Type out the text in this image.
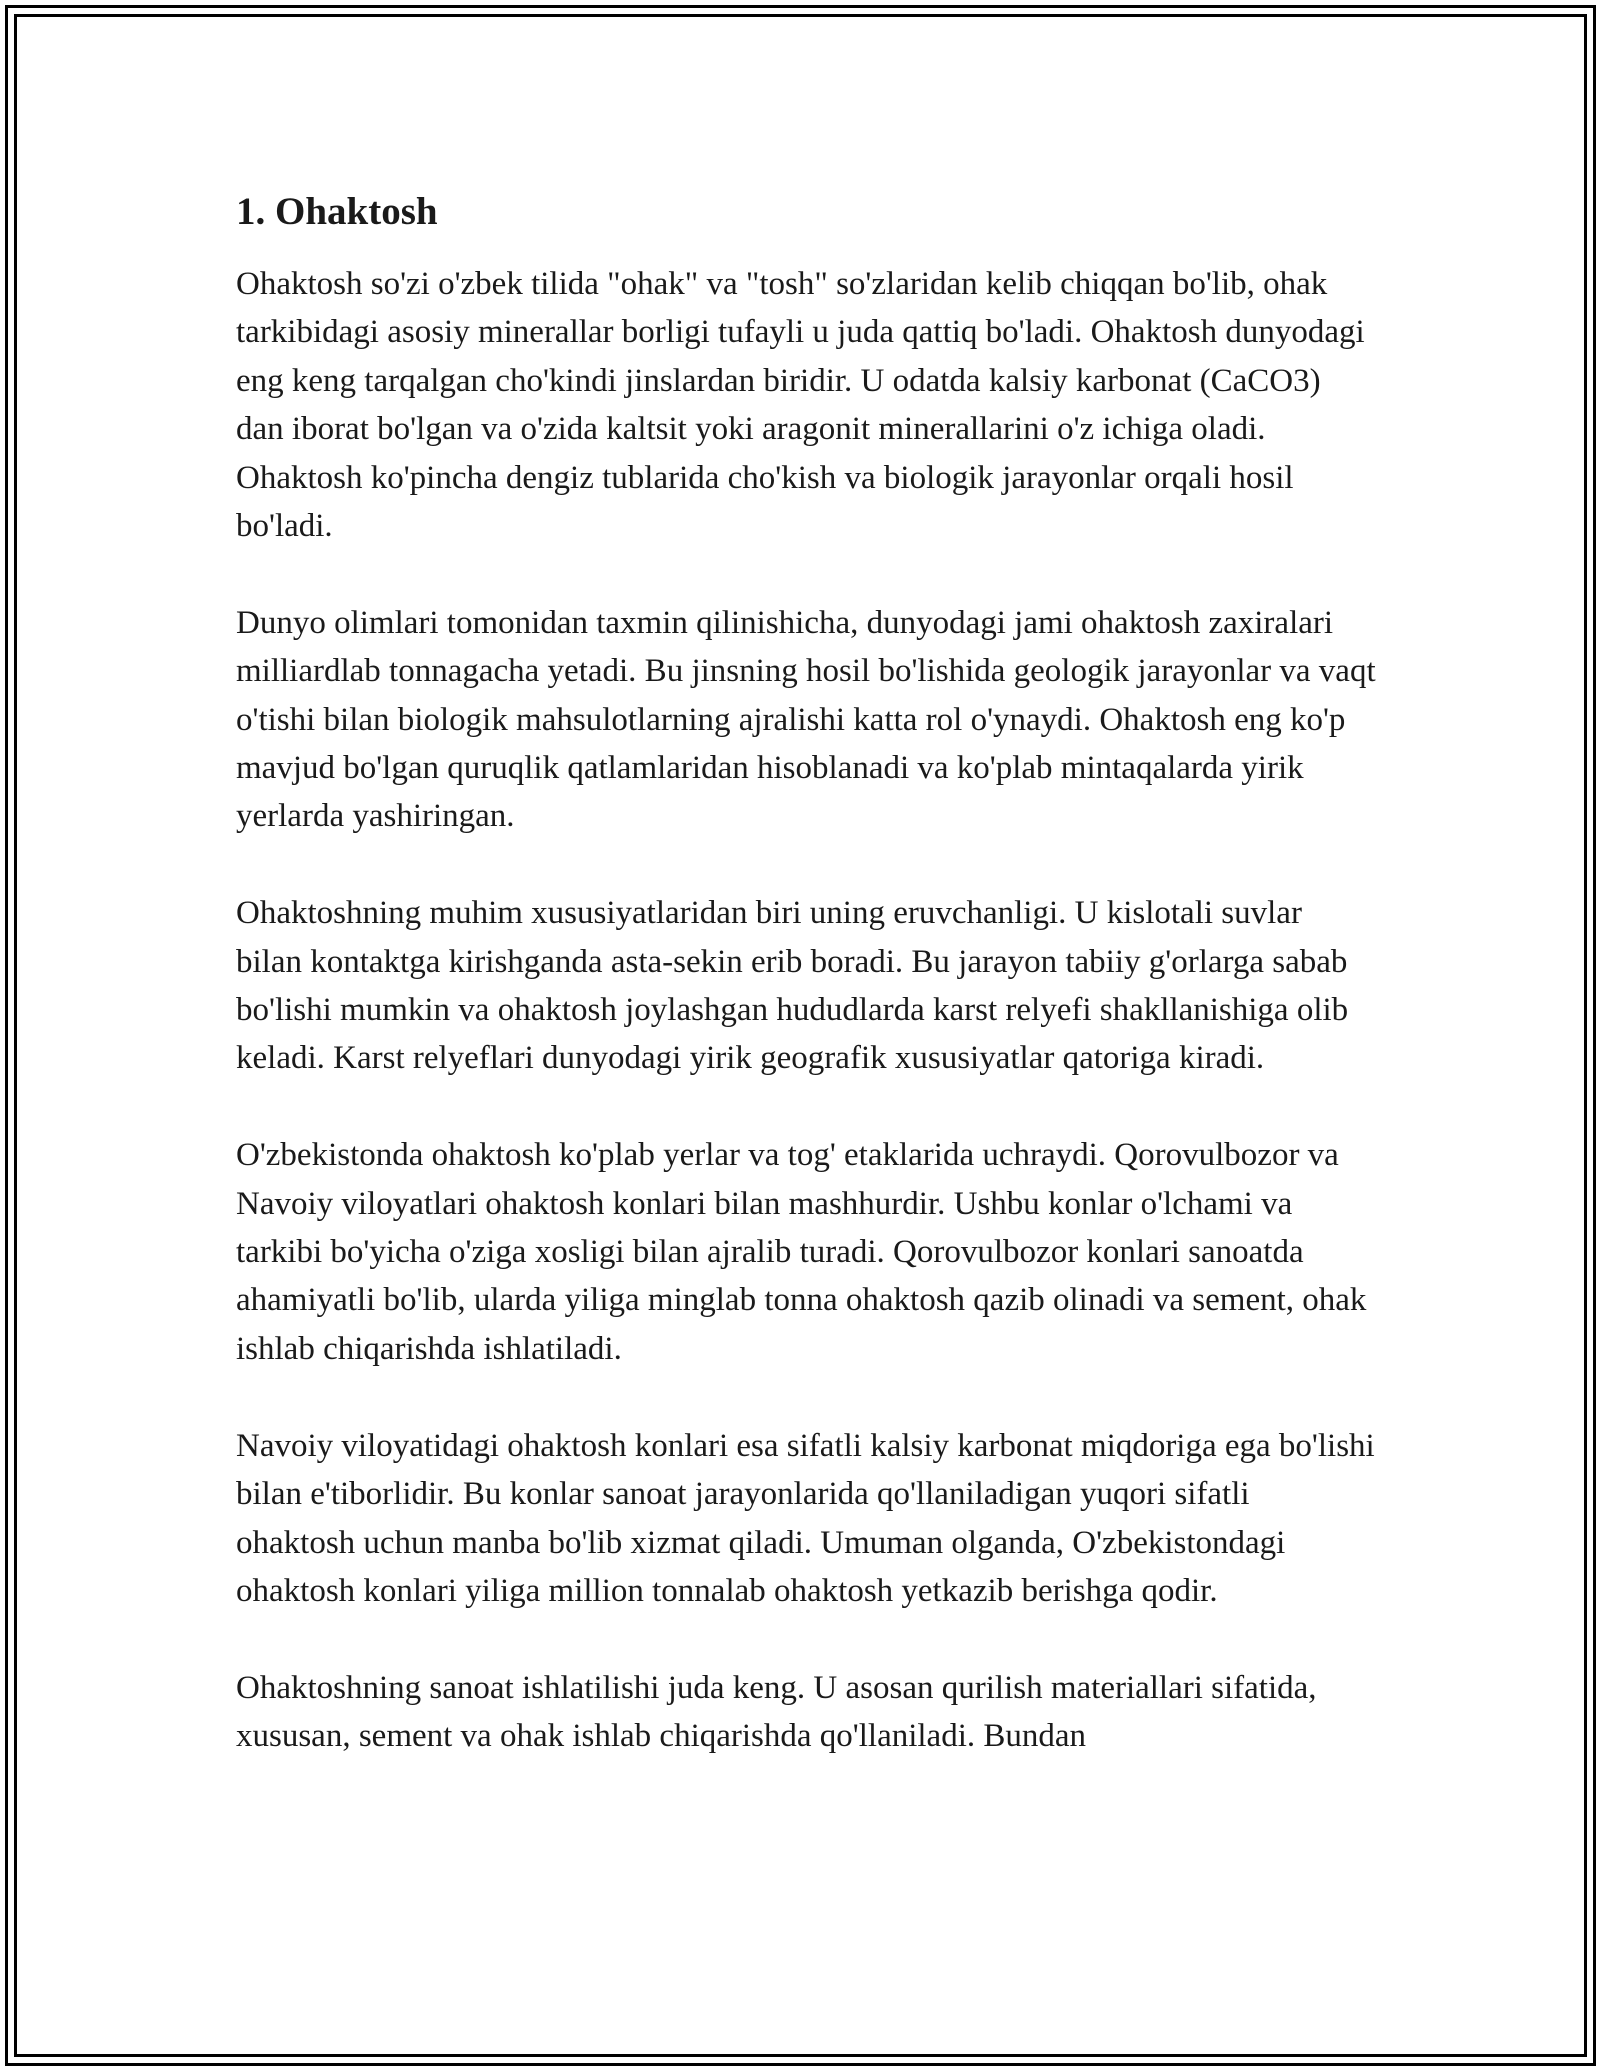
1. Ohaktosh

Ohaktosh so'zi o'zbek tilida "ohak" va "tosh" so'zlaridan kelib chiqqan bo'lib, ohak tarkibidagi asosiy minerallar borligi tufayli u juda qattiq bo'ladi. Ohaktosh dunyodagi eng keng tarqalgan cho'kindi jinslardan biridir. U odatda kalsiy karbonat (CaCO3) dan iborat bo'lgan va o'zida kaltsit yoki aragonit minerallarini o'z ichiga oladi. Ohaktosh ko'pincha dengiz tublarida cho'kish va biologik jarayonlar orqali hosil bo'ladi.

Dunyo olimlari tomonidan taxmin qilinishicha, dunyodagi jami ohaktosh zaxiralari milliardlab tonnagacha yetadi. Bu jinsning hosil bo'lishida geologik jarayonlar va vaqt o'tishi bilan biologik mahsulotlarning ajralishi katta rol o'ynaydi. Ohaktosh eng ko'p mavjud bo'lgan quruqlik qatlamlaridan hisoblanadi va ko'plab mintaqalarda yirik yerlarda yashiringan.

Ohaktoshning muhim xususiyatlaridan biri uning eruvchanligi. U kislotali suvlar bilan kontaktga kirishganda asta-sekin erib boradi. Bu jarayon tabiiy g'orlarga sabab bo'lishi mumkin va ohaktosh joylashgan hududlarda karst relyefi shakllanishiga olib keladi. Karst relyeflari dunyodagi yirik geografik xususiyatlar qatoriga kiradi.

O'zbekistonda ohaktosh ko'plab yerlar va tog' etaklarida uchraydi. Qorovulbozor va Navoiy viloyatlari ohaktosh konlari bilan mashhurdir. Ushbu konlar o'lchami va tarkibi bo'yicha o'ziga xosligi bilan ajralib turadi. Qorovulbozor konlari sanoatda ahamiyatli bo'lib, ularda yiliga minglab tonna ohaktosh qazib olinadi va sement, ohak ishlab chiqarishda ishlatiladi.

Navoiy viloyatidagi ohaktosh konlari esa sifatli kalsiy karbonat miqdoriga ega bo'lishi bilan e'tiborlidir. Bu konlar sanoat jarayonlarida qo'llaniladigan yuqori sifatli ohaktosh uchun manba bo'lib xizmat qiladi. Umuman olganda, O'zbekistondagi ohaktosh konlari yiliga million tonnalab ohaktosh yetkazib berishga qodir.

Ohaktoshning sanoat ishlatilishi juda keng. U asosan qurilish materiallari sifatida, xususan, sement va ohak ishlab chiqarishda qo'llaniladi. Bundan
